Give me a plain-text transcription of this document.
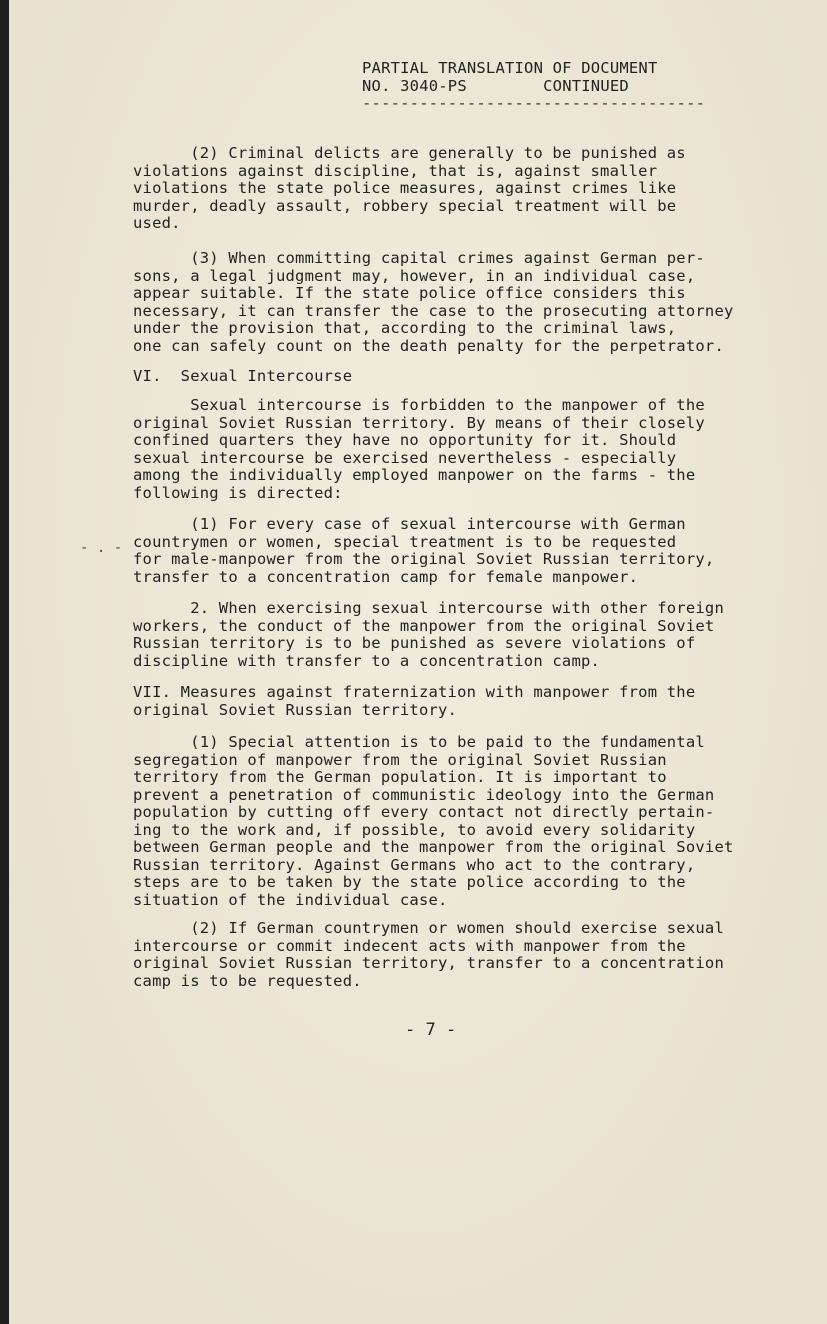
PARTIAL TRANSLATION OF DOCUMENT
NO. 3040-PS	CONTINUED
------------------------------------
(2) Criminal delicts are generally to be punished as
violations against discipline, that is, against smaller
violations the state police measures, against crimes like
murder, deadly assault, robbery special treatment will be
used.
(3) When committing capital crimes against German per-
sons, a legal judgment may, however, in an individual case,
appear suitable. If the state police office considers this
necessary, it can transfer the case to the prosecuting attorney
under the provision that, according to the criminal laws,
one can safely count on the death penalty for the perpetrator.
VI.  Sexual Intercourse
Sexual intercourse is forbidden to the manpower of the
original Soviet Russian territory. By means of their closely
confined quarters they have no opportunity for it. Should
sexual intercourse be exercised nevertheless - especially
among the individually employed manpower on the farms - the
following is directed:
(1) For every case of sexual intercourse with German
countrymen or women, special treatment is to be requested
for male-manpower from the original Soviet Russian territory,
transfer to a concentration camp for female manpower.
2. When exercising sexual intercourse with other foreign
workers, the conduct of the manpower from the original Soviet
Russian territory is to be punished as severe violations of
discipline with transfer to a concentration camp.
VII. Measures against fraternization with manpower from the
original Soviet Russian territory.
(1) Special attention is to be paid to the fundamental
segregation of manpower from the original Soviet Russian
territory from the German population. It is important to
prevent a penetration of communistic ideology into the German
population by cutting off every contact not directly pertain-
ing to the work and, if possible, to avoid every solidarity
between German people and the manpower from the original Soviet
Russian territory. Against Germans who act to the contrary,
steps are to be taken by the state police according to the
situation of the individual case.
(2) If German countrymen or women should exercise sexual
intercourse or commit indecent acts with manpower from the
original Soviet Russian territory, transfer to a concentration
camp is to be requested.
- . -
- 7 -
